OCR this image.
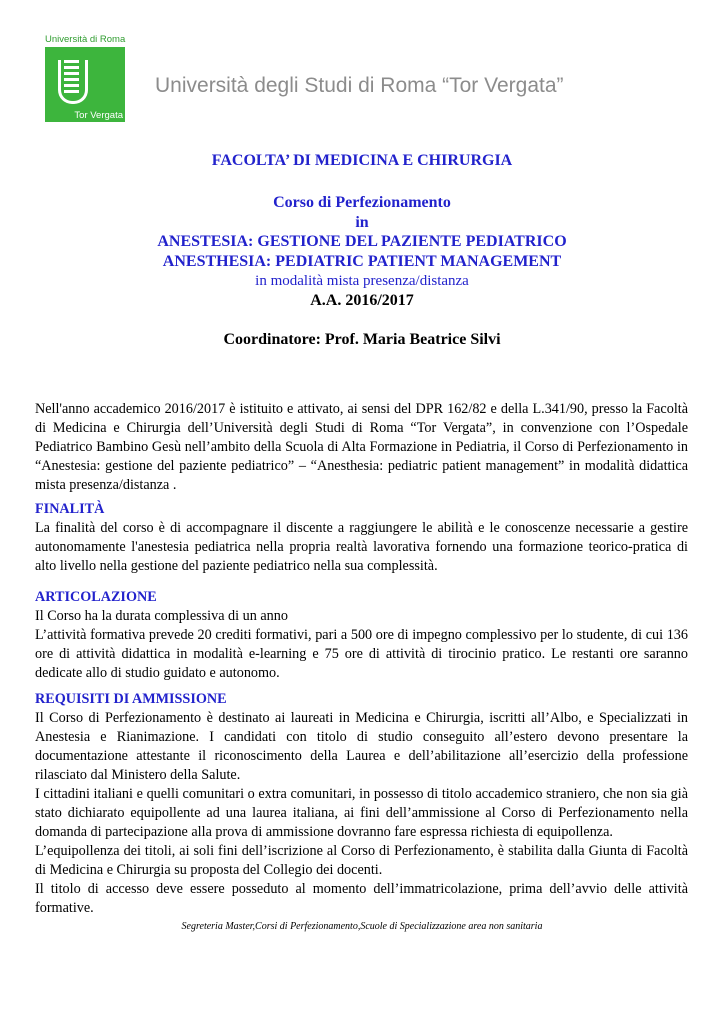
Università di Roma
Tor Vergata
Università degli Studi di Roma “Tor Vergata”
FACOLTA’ DI MEDICINA E CHIRURGIA
Corso di Perfezionamento
in
ANESTESIA: GESTIONE DEL PAZIENTE PEDIATRICO
ANESTHESIA: PEDIATRIC PATIENT MANAGEMENT
in modalità mista presenza/distanza
A.A. 2016/2017
Coordinatore: Prof. Maria Beatrice Silvi

Nell'anno accademico 2016/2017 è istituito e attivato, ai sensi del DPR 162/82 e della L.341/90, presso la Facoltà di Medicina e Chirurgia dell’Università degli Studi di Roma “Tor Vergata”, in convenzione con l’Ospedale Pediatrico Bambino Gesù nell’ambito della Scuola di Alta Formazione in Pediatria, il Corso di Perfezionamento in “Anestesia: gestione del paziente pediatrico” – “Anesthesia: pediatric patient management” in modalità didattica mista presenza/distanza .

FINALITÀ

La finalità del corso è di accompagnare il discente a raggiungere le abilità e le conoscenze necessarie a gestire autonomamente l'anestesia pediatrica nella propria realtà lavorativa fornendo una formazione teorico-pratica di alto livello nella gestione del paziente pediatrico nella sua complessità.

ARTICOLAZIONE

Il Corso ha la durata complessiva di un anno

L’attività formativa prevede 20 crediti formativi, pari a 500 ore di impegno complessivo per lo studente, di cui 136 ore di attività didattica in modalità e-learning e 75 ore di attività di tirocinio pratico. Le restanti ore saranno dedicate allo di studio guidato e autonomo.

REQUISITI DI AMMISSIONE

Il Corso di Perfezionamento è destinato ai laureati in Medicina e Chirurgia, iscritti all’Albo, e Specializzati in Anestesia e Rianimazione. I candidati con titolo di studio conseguito all’estero devono presentare la documentazione attestante il riconoscimento della Laurea e dell’abilitazione all’esercizio della professione rilasciato dal Ministero della Salute.

I cittadini italiani e quelli comunitari o extra comunitari, in possesso di titolo accademico straniero, che non sia già stato dichiarato equipollente ad una laurea italiana, ai fini dell’ammissione al Corso di Perfezionamento nella domanda di partecipazione alla prova di ammissione dovranno fare espressa richiesta di equipollenza.

L’equipollenza dei titoli, ai soli fini dell’iscrizione al Corso di Perfezionamento, è stabilita dalla Giunta di Facoltà di Medicina e Chirurgia su proposta del Collegio dei docenti.

Il titolo di accesso deve essere posseduto al momento dell’immatricolazione, prima dell’avvio delle attività formative.

Segreteria Master,Corsi di Perfezionamento,Scuole di Specializzazione area non sanitaria
